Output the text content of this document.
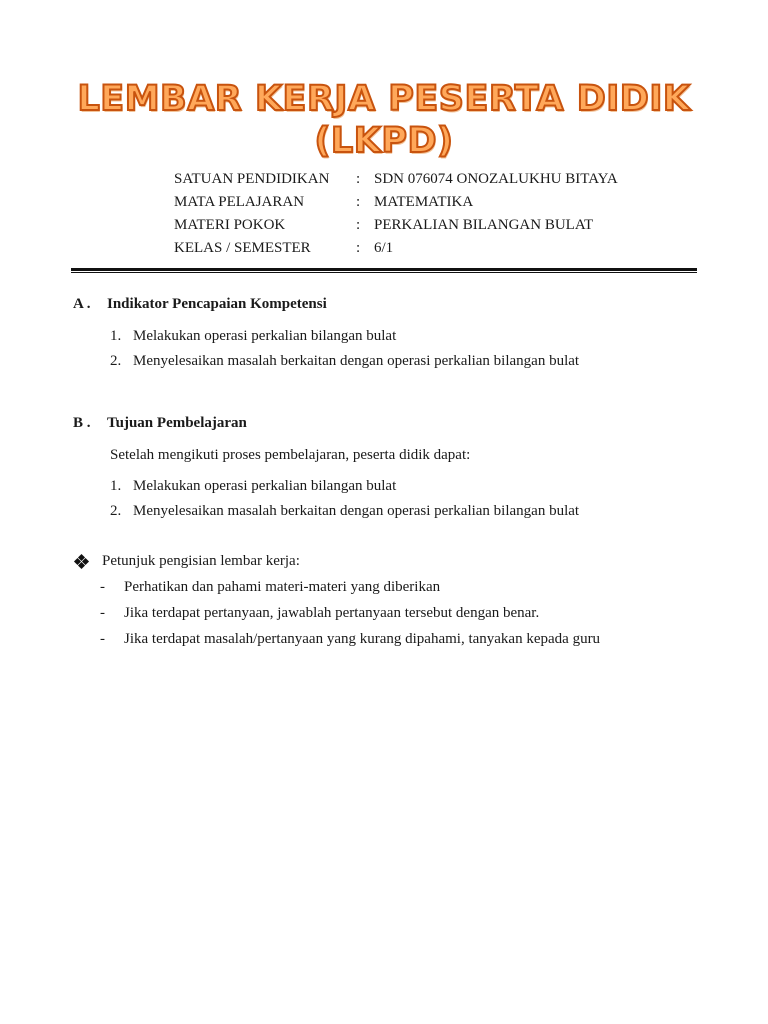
LEMBAR KERJA PESERTA DIDIK
(LKPD)
SATUAN PENDIDIKAN	: SDN 076074 ONOZALUKHU BITAYA
MATA PELAJARAN	: MATEMATIKA
MATERI POKOK	: PERKALIAN BILANGAN BULAT
KELAS / SEMESTER	: 6/1
A .	Indikator Pencapaian Kompetensi
1. Melakukan operasi perkalian bilangan bulat
2. Menyelesaikan masalah berkaitan dengan operasi perkalian bilangan bulat
B .	Tujuan Pembelajaran
Setelah mengikuti proses pembelajaran, peserta didik dapat:
1. Melakukan operasi perkalian bilangan bulat
2. Menyelesaikan masalah berkaitan dengan operasi perkalian bilangan bulat
Petunjuk pengisian lembar kerja:
-	Perhatikan dan pahami materi-materi yang diberikan
-	Jika terdapat pertanyaan, jawablah pertanyaan tersebut dengan benar.
-	Jika terdapat masalah/pertanyaan yang kurang dipahami, tanyakan kepada guru
